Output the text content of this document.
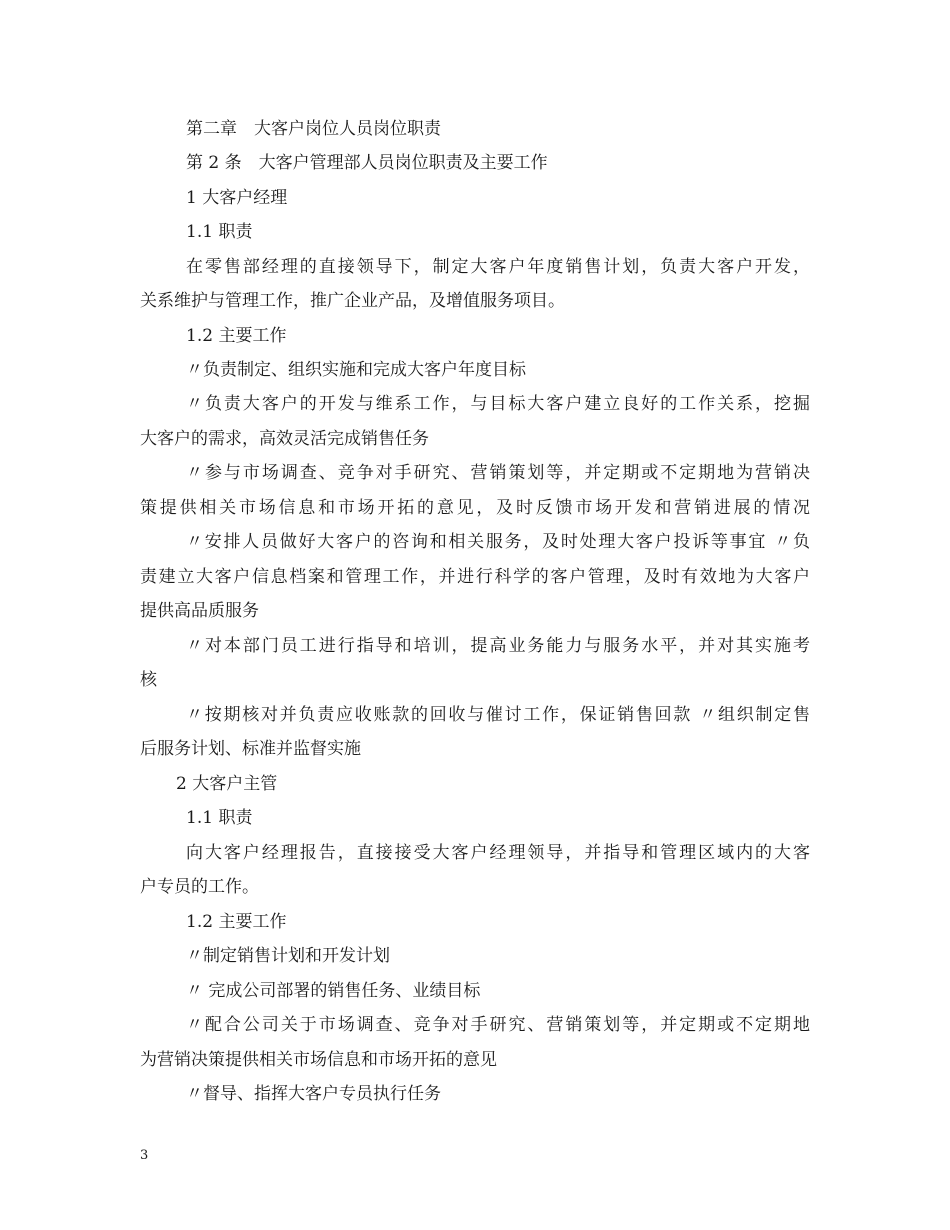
第二章　大客户岗位人员岗位职责
第 2 条　大客户管理部人员岗位职责及主要工作
1 大客户经理
1.1 职责
在零售部经理的直接领导下，制定大客户年度销售计划，负责大客户开发，
关系维护与管理工作，推广企业产品，及增值服务项目。
1.2 主要工作
〃负责制定、组织实施和完成大客户年度目标
〃负责大客户的开发与维系工作，与目标大客户建立良好的工作关系，挖掘
大客户的需求，高效灵活完成销售任务
〃参与市场调查、竞争对手研究、营销策划等，并定期或不定期地为营销决
策提供相关市场信息和市场开拓的意见，及时反馈市场开发和营销进展的情况
〃安排人员做好大客户的咨询和相关服务，及时处理大客户投诉等事宜 〃负
责建立大客户信息档案和管理工作，并进行科学的客户管理，及时有效地为大客户
提供高品质服务
〃对本部门员工进行指导和培训，提高业务能力与服务水平，并对其实施考
核
〃按期核对并负责应收账款的回收与催讨工作，保证销售回款 〃组织制定售
后服务计划、标准并监督实施
2 大客户主管
1.1 职责
向大客户经理报告，直接接受大客户经理领导，并指导和管理区域内的大客
户专员的工作。
1.2 主要工作
〃制定销售计划和开发计划
〃 完成公司部署的销售任务、业绩目标
〃配合公司关于市场调查、竞争对手研究、营销策划等，并定期或不定期地
为营销决策提供相关市场信息和市场开拓的意见
〃督导、指挥大客户专员执行任务
3
